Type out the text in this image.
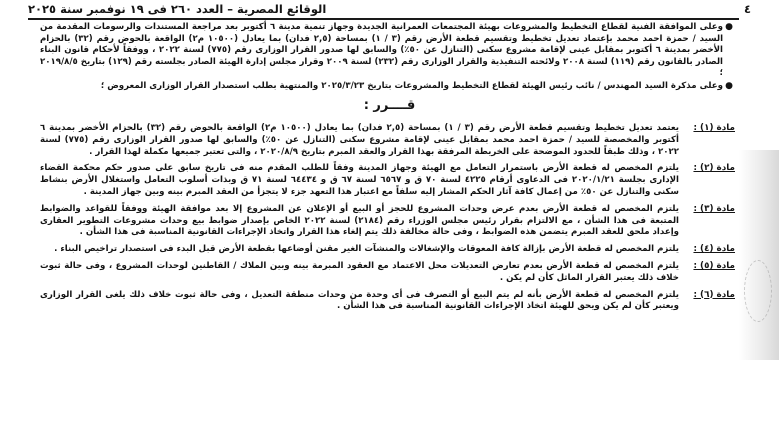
٤
الوقائع المصرية – العدد ٢٦٠ فى ١٩ نوفمبر سنة ٢٠٢٥
●
وعلى الموافقة الفنية لقطاع التخطيط والمشروعات بهيئة المجتمعات العمرانية الجديدة وجهاز تنمية مدينة ٦ أكتوبر بعد مراجعة المستندات والرسومات المقدمة من السيد / حمزة احمد محمد بإعتماد تعديل تخطيط وتقسيم قطعة الأرض رقم (٣ / ١) بمساحة (٢,٥ فدان) بما يعادل (١٠٥٠٠ م٢) الواقعة بالحوض رقم (٣٢) بالحزام الأخضر بمدينة ٦ أكتوبر بمقابل عينى لإقامة مشروع سكنى (التنازل عن ٥٠٪) والسابق لها صدور القرار الوزارى رقم (٧٧٥) لسنة ٢٠٢٢ ، ووفقاً لأحكام قانون البناء الصادر بالقانون رقم (١١٩) لسنة ٢٠٠٨ ولائحته التنفيذية والقرار الوزارى رقم (٢٣٢) لسنة ٢٠٠٩ وقرار مجلس إدارة الهيئة الصادر بجلسته رقم (١٢٩) بتاريخ ٢٠١٩/٨/٥ ؛
●
وعلى مذكرة السيد المهندس / نائب رئيس الهيئة لقطاع التخطيط والمشروعات بتاريخ ٢٠٢٥/٣/٢٣ والمنتهية بطلب استصدار القرار الوزارى المعروض ؛
قــــرر :
مادة (١) :
يعتمد تعديل تخطيط وتقسيم قطعة الأرض رقم (٣ / ١) بمساحة (٢,٥ فدان) بما يعادل (١٠٥٠٠ م٢) الواقعة بالحوض رقم (٣٢) بالحزام الأخضر بمدينة ٦ أكتوبر والمخصصة للسيد / حمزة احمد محمد بمقابل عينى لإقامة مشروع سكنى (التنازل عن ٥٠٪) والسابق لها صدور القرار الوزارى رقم (٧٧٥) لسنة ٢٠٢٢ ، وذلك طبقاً للحدود الموضحة على الخريطة المرفقة بهذا القرار والعقد المبرم بتاريخ ٢٠٢٠/٨/٩ ، والتى تعتبر جميعها مكملة لهذا القرار .
مادة (٢) :
يلتزم المخصص له قطعة الأرض باستمرار التعامل مع الهيئة وجهاز المدينة وفقاً للطلب المقدم منه فى تاريخ سابق على صدور حكم محكمة القضاء الإدارى بجلسة ٢٠٢٠/١/٢١ فى الدعاوى أرقام ٤٢٢٥ لسنة ٧٠ ق و ٦٥٦٧ لسنة ٦٧ ق و ٦٤٤٣٤ لسنة ٧١ ق وبذات أسلوب التعامل واستغلال الأرض بنشاط سكنى والتنازل عن ٥٠٪ من إعمال كافة آثار الحكم المشار إليه سلفاً مع اعتبار هذا التعهد جزء لا يتجزأ من العقد المبرم بينه وبين جهاز المدينة .
مادة (٣) :
يلتزم المخصص له قطعة الأرض بعدم عرض وحدات المشروع للحجز أو البيع أو الإعلان عن المشروع إلا بعد موافقة الهيئة ووفقاً للقواعد والضوابط المتبعة فى هذا الشأن ، مع الالتزام بقرار رئيس مجلس الوزراء رقم (٢١٨٤) لسنة ٢٠٢٢ الخاص بإصدار ضوابط بيع وحدات مشروعات التطوير العقارى وإعداد ملحق للعقد المبرم يتضمن هذه الضوابط ، وفى حالة مخالفة ذلك يتم إلغاء هذا القرار واتخاذ الإجراءات القانونية المناسبة فى هذا الشأن .
مادة (٤) :
يلتزم المخصص له قطعة الأرض بإزالة كافة المعوقات والإشغالات والمنشآت الغير مقنن أوضاعها بقطعة الأرض قبل البدء فى استصدار تراخيص البناء .
مادة (٥) :
يلتزم المخصص له قطعة الأرض بعدم تعارض التعديلات محل الاعتماد مع العقود المبرمة بينه وبين الملاك / القاطنين لوحدات المشروع ، وفى حالة ثبوت خلاف ذلك يعتبر القرار الماثل كأن لم يكن .
مادة (٦) :
يلتزم المخصص له قطعة الأرض بأنه لم يتم البيع أو التصرف فى أى وحدة من وحدات منطقة التعديل ، وفى حالة ثبوت خلاف ذلك يلغى القرار الوزارى ويعتبر كأن لم يكن ويحق للهيئة اتخاذ الإجراءات القانونية المناسبة فى هذا الشأن .
